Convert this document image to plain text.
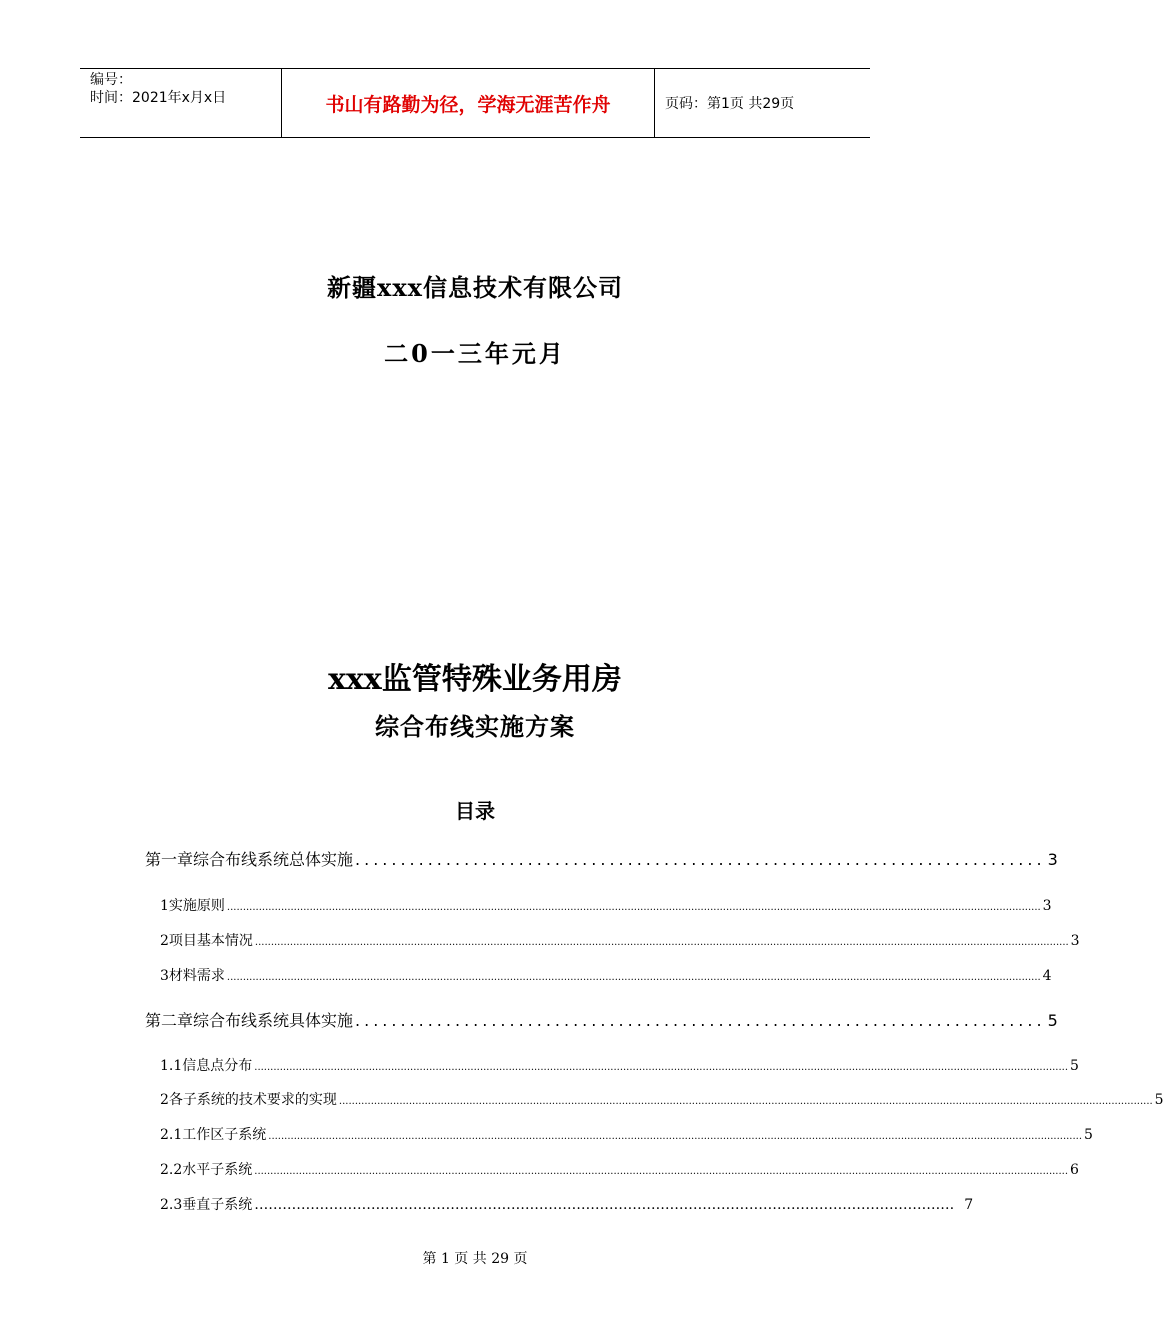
编号：
时间：2021年x月x日	书山有路勤为径，学海无涯苦作舟	页码：第1页 共29页
新疆xxx信息技术有限公司
二0一三年元月
xxx监管特殊业务用房
综合布线实施方案
目录
第一章 综合布线系统总体实施 ............................................................................ 3
1 实施原则 ................................................................................................................................................................................................................................................................ 3
2 项目基本情况 ................................................................................................................................................................................................................................................................ 3
3 材料需求 ................................................................................................................................................................................................................................................................ 4
第二章 综合布线系统具体实施 ............................................................................ 5
1.1 信息点分布 ................................................................................................................................................................................................................................................................ 5
2 各子系统的技术要求的实现 ................................................................................................................................................................................................................................................................ 5
2.1 工作区子系统 ................................................................................................................................................................................................................................................................ 5
2.2 水平子系统 ................................................................................................................................................................................................................................................................ 6
2.3 垂直子系统 …………………………………………………………………………………………………………………………………… 7
第 1 页 共 29 页
